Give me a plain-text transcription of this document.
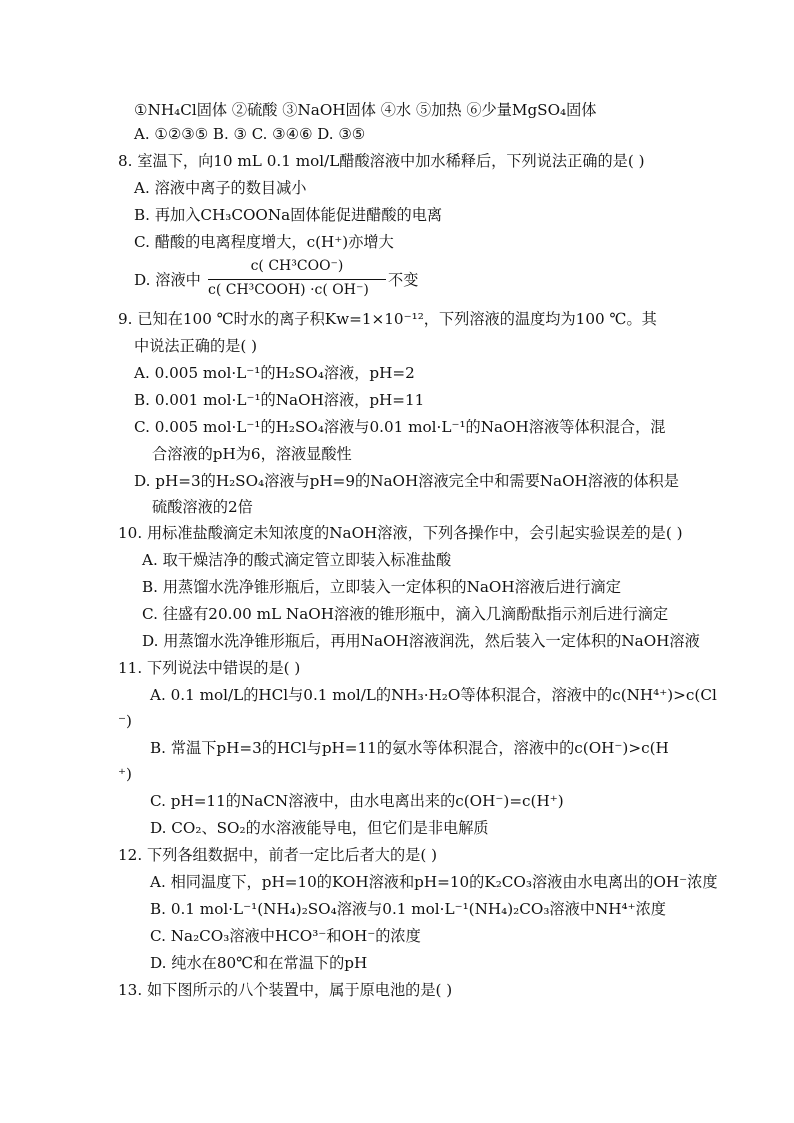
①NH₄Cl固体 ②硫酸 ③NaOH固体 ④水 ⑤加热 ⑥少量MgSO₄固体
A. ①②③⑤ B. ③ C. ③④⑥ D. ③⑤
8. 室温下，向10 mL 0.1 mol/L醋酸溶液中加水稀释后，下列说法正确的是( )
A. 溶液中离子的数目减小
B. 再加入CH₃COONa固体能促进醋酸的电离
C. 醋酸的电离程度增大，c(H⁺)亦增大
D. 溶液中
c( CH³COO⁻)
c( CH³COOH) ·c( OH⁻)
不变
9. 已知在100 ℃时水的离子积Kw=1×10⁻¹²，下列溶液的温度均为100 ℃。其
中说法正确的是( )
A. 0.005 mol·L⁻¹的H₂SO₄溶液，pH=2
B. 0.001 mol·L⁻¹的NaOH溶液，pH=11
C. 0.005 mol·L⁻¹的H₂SO₄溶液与0.01 mol·L⁻¹的NaOH溶液等体积混合，混
合溶液的pH为6，溶液显酸性
D. pH=3的H₂SO₄溶液与pH=9的NaOH溶液完全中和需要NaOH溶液的体积是
硫酸溶液的2倍
10. 用标准盐酸滴定未知浓度的NaOH溶液，下列各操作中，会引起实验误差的是( )
A. 取干燥洁净的酸式滴定管立即装入标准盐酸
B. 用蒸馏水洗净锥形瓶后，立即装入一定体积的NaOH溶液后进行滴定
C. 往盛有20.00 mL NaOH溶液的锥形瓶中，滴入几滴酚酞指示剂后进行滴定
D. 用蒸馏水洗净锥形瓶后，再用NaOH溶液润洗，然后装入一定体积的NaOH溶液
11. 下列说法中错误的是( )
A. 0.1 mol/L的HCl与0.1 mol/L的NH₃·H₂O等体积混合，溶液中的c(NH⁴⁺)>c(Cl
⁻)
B. 常温下pH=3的HCl与pH=11的氨水等体积混合，溶液中的c(OH⁻)>c(H
⁺)
C. pH=11的NaCN溶液中，由水电离出来的c(OH⁻)=c(H⁺)
D. CO₂、SO₂的水溶液能导电，但它们是非电解质
12. 下列各组数据中，前者一定比后者大的是( )
A. 相同温度下，pH=10的KOH溶液和pH=10的K₂CO₃溶液由水电离出的OH⁻浓度
B. 0.1 mol·L⁻¹(NH₄)₂SO₄溶液与0.1 mol·L⁻¹(NH₄)₂CO₃溶液中NH⁴⁺浓度
C. Na₂CO₃溶液中HCO³⁻和OH⁻的浓度
D. 纯水在80℃和在常温下的pH
13. 如下图所示的八个装置中，属于原电池的是( )
